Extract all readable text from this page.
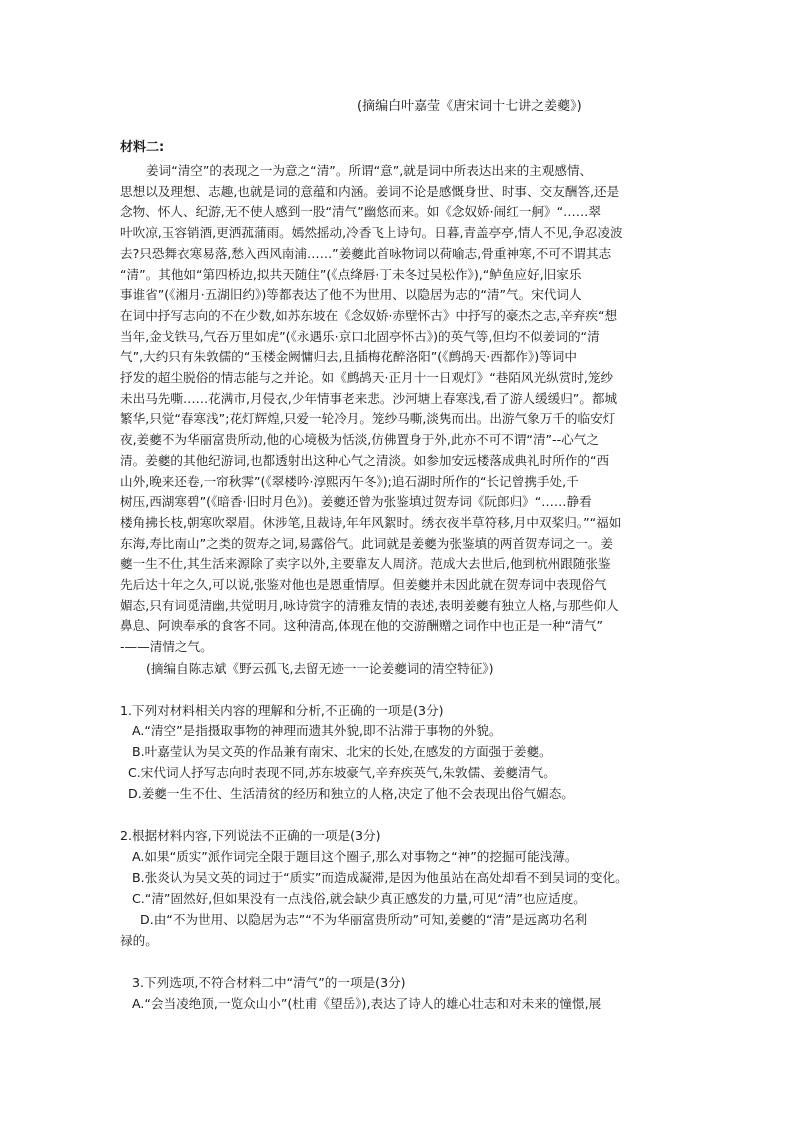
(摘编白叶嘉莹《唐宋词十七讲之姜夔》)
材料二:
姜词“清空”的表现之一为意之“清”。所谓“意”,就是词中所表达出来的主观感情、
思想以及理想、志趣,也就是词的意蕴和内涵。姜词不论是感慨身世、时事、交友酬答,还是
念物、怀人、纪游,无不使人感到一股“清气”幽悠而来。如《念奴娇·闹红一舸》“……翠
叶吹凉,玉容销酒,更洒菰蒲雨。嫣然摇动,冷香飞上诗句。日暮,青盖亭亭,情人不见,争忍凌波
去?只恐舞衣寒易落,愁入西风南浦……”姜夔此首咏物词以荷喻志,骨重神寒,不可不谓其志
“清”。其他如“第四桥边,拟共天随住”(《点绛唇·丁未冬过吴松作》),“鲈鱼应好,旧家乐
事谁省”(《湘月·五湖旧约》)等都表达了他不为世用、以隐居为志的“清”气。宋代词人
在词中抒写志向的不在少数,如苏东坡在《念奴娇·赤壁怀古》中抒写的豪杰之志,辛弃疾“想
当年,金戈铁马,气吞万里如虎”(《永遇乐·京口北固亭怀古》)的英气等,但均不似姜词的“清
气”,大约只有朱敦儒的“玉楼金阙慵归去,且插梅花醉洛阳”(《鹧鸪天·西都作》)等词中
抒发的超尘脱俗的情志能与之并论。如《鹧鸪天·正月十一日观灯》“巷陌风光纵赏时,笼纱
未出马先嘶……花满市,月侵衣,少年情事老来悲。沙河塘上春寒浅,看了游人缓缓归”。都城
繁华,只觉“春寒浅”;花灯辉煌,只爱一轮冷月。笼纱马嘶,淡隽而出。出游气象万千的临安灯
夜,姜夔不为华丽富贵所动,他的心境极为恬淡,仿佛置身于外,此亦不可不谓“清”--心气之
清。姜夔的其他纪游词,也都透射出这种心气之清淡。如参加安远楼落成典礼时所作的“西
山外,晚来还卷,一帘秋霁”(《翠楼吟·淳熙丙午冬》);追石湖时所作的“长记曾携手处,千
树压,西湖寒碧”(《暗香·旧时月色》)。姜夔还曾为张鉴填过贺寿词《阮郎归》“……静看
楼角拂长枝,朝寒吹翠眉。休涉笔,且裁诗,年年风絮时。绣衣夜半草符移,月中双桨归。”“福如
东海,寿比南山”之类的贺寿之词,易露俗气。此词就是姜夔为张鉴填的两首贺寿词之一。姜
夔一生不仕,其生活来源除了卖字以外,主要靠友人周济。范成大去世后,他到杭州跟随张鉴
先后达十年之久,可以说,张鉴对他也是恩重情厚。但姜夔并未因此就在贺寿词中表现俗气
媚态,只有词觅清幽,共觉明月,咏诗赏字的清雅友情的表述,表明姜夔有独立人格,与那些仰人
鼻息、阿谀奉承的食客不同。这种清高,体现在他的交游酬赠之词作中也正是一种“清气”
-——清情之气。
(摘编自陈志斌《野云孤飞,去留无迹一一论姜夔词的清空特征》)
1.下列对材料相关内容的理解和分析,不正确的一项是(3分)
A.“清空”是指摄取事物的神理而遗其外貌,即不沾滞于事物的外貌。
B.叶嘉莹认为吴文英的作品兼有南宋、北宋的长处,在感发的方面强于姜夔。
C.宋代词人抒写志向时表现不同,苏东坡豪气,辛弃疾英气,朱敦儒、姜夔清气。
D.姜夔一生不仕、生活清贫的经历和独立的人格,决定了他不会表现出俗气媚态。
2.根据材料内容,下列说法不正确的一项是(3分)
A.如果“质实”派作词完全限于题目这个圈子,那么对事物之“神”的挖掘可能浅薄。
B.张炎认为吴文英的词过于“质实”而造成凝滞,是因为他虽站在高处却看不到吴词的变化。
C.“清”固然好,但如果没有一点浅俗,就会缺少真正感发的力量,可见“清”也应适度。
D.由“不为世用、以隐居为志”“不为华丽富贵所动”可知,姜夔的“清”是远离功名利
禄的。
3.下列选项,不符合材料二中“清气”的一项是(3分)
A.“会当凌绝顶,一览众山小”(杜甫《望岳》),表达了诗人的雄心壮志和对未来的憧憬,展
